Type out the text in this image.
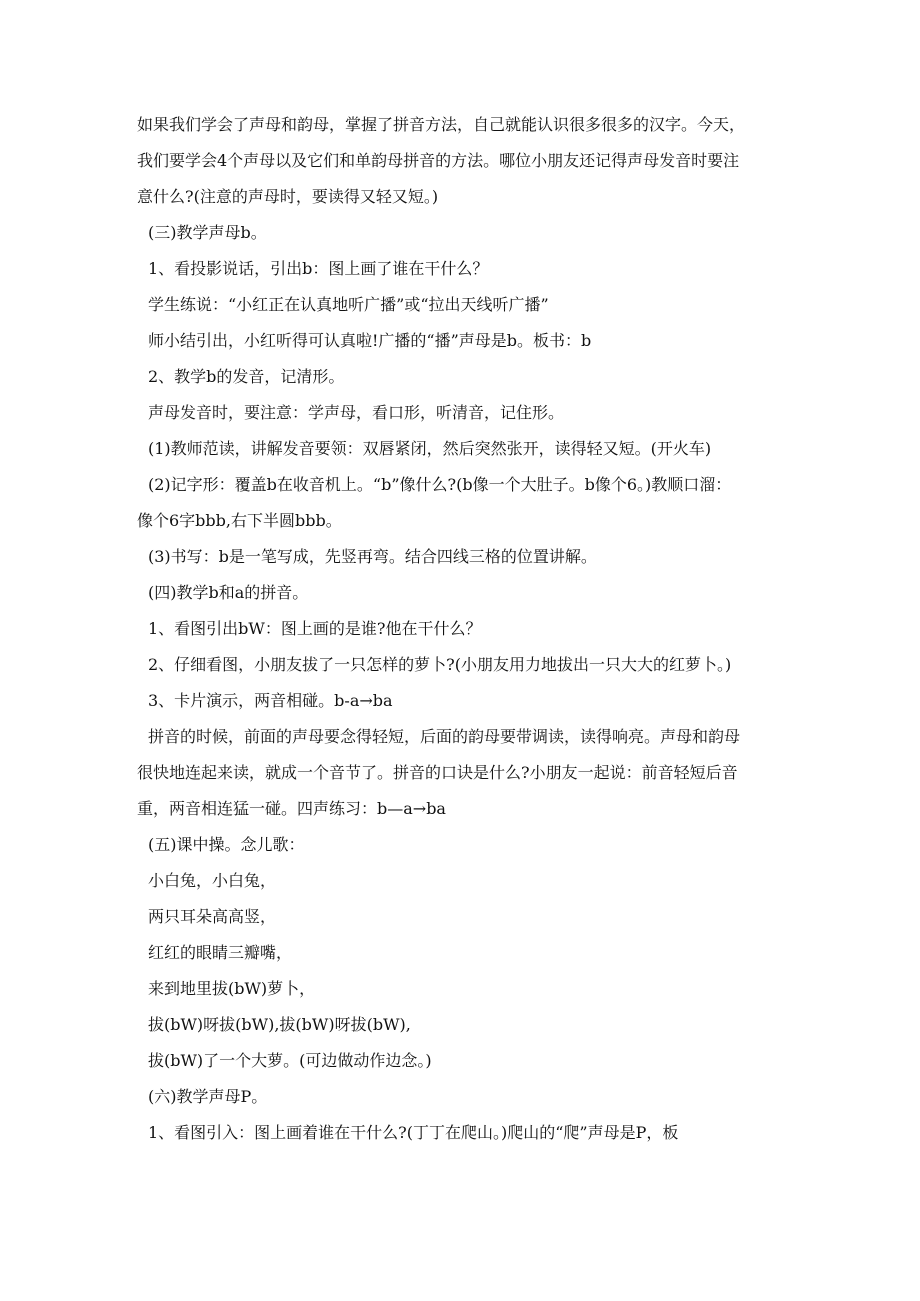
如果我们学会了声母和韵母，掌握了拼音方法，自己就能认识很多很多的汉字。今天，
我们要学会4个声母以及它们和单韵母拼音的方法。哪位小朋友还记得声母发音时要注
意什么?(注意的声母时，要读得又轻又短。)
(三)教学声母b。
1、看投影说话，引出b：图上画了谁在干什么？
学生练说：“小红正在认真地听广播”或“拉出天线听广播”
师小结引出，小红听得可认真啦!广播的“播”声母是b。板书：b
2、教学b的发音，记清形。
声母发音时，要注意：学声母，看口形，听清音，记住形。
(1)教师范读，讲解发音要领：双唇紧闭，然后突然张开，读得轻又短。(开火车)
(2)记字形：覆盖b在收音机上。“b”像什么?(b像一个大肚子。b像个6。)教顺口溜：
像个6字bbb,右下半圆bbb。
(3)书写：b是一笔写成，先竖再弯。结合四线三格的位置讲解。
(四)教学b和a的拼音。
1、看图引出bW：图上画的是谁?他在干什么？
2、仔细看图，小朋友拔了一只怎样的萝卜?(小朋友用力地拔出一只大大的红萝卜。)
3、卡片演示，两音相碰。b-a→ba
拼音的时候，前面的声母要念得轻短，后面的韵母要带调读，读得响亮。声母和韵母
很快地连起来读，就成一个音节了。拼音的口诀是什么?小朋友一起说：前音轻短后音
重，两音相连猛一碰。四声练习：b—a→ba
(五)课中操。念儿歌：
小白兔，小白兔，
两只耳朵高高竖，
红红的眼睛三瓣嘴，
来到地里拔(bW)萝卜，
拔(bW)呀拔(bW),拔(bW)呀拔(bW),
拔(bW)了一个大萝。(可边做动作边念。)
(六)教学声母P。
1、看图引入：图上画着谁在干什么?(丁丁在爬山。)爬山的“爬”声母是P，板
